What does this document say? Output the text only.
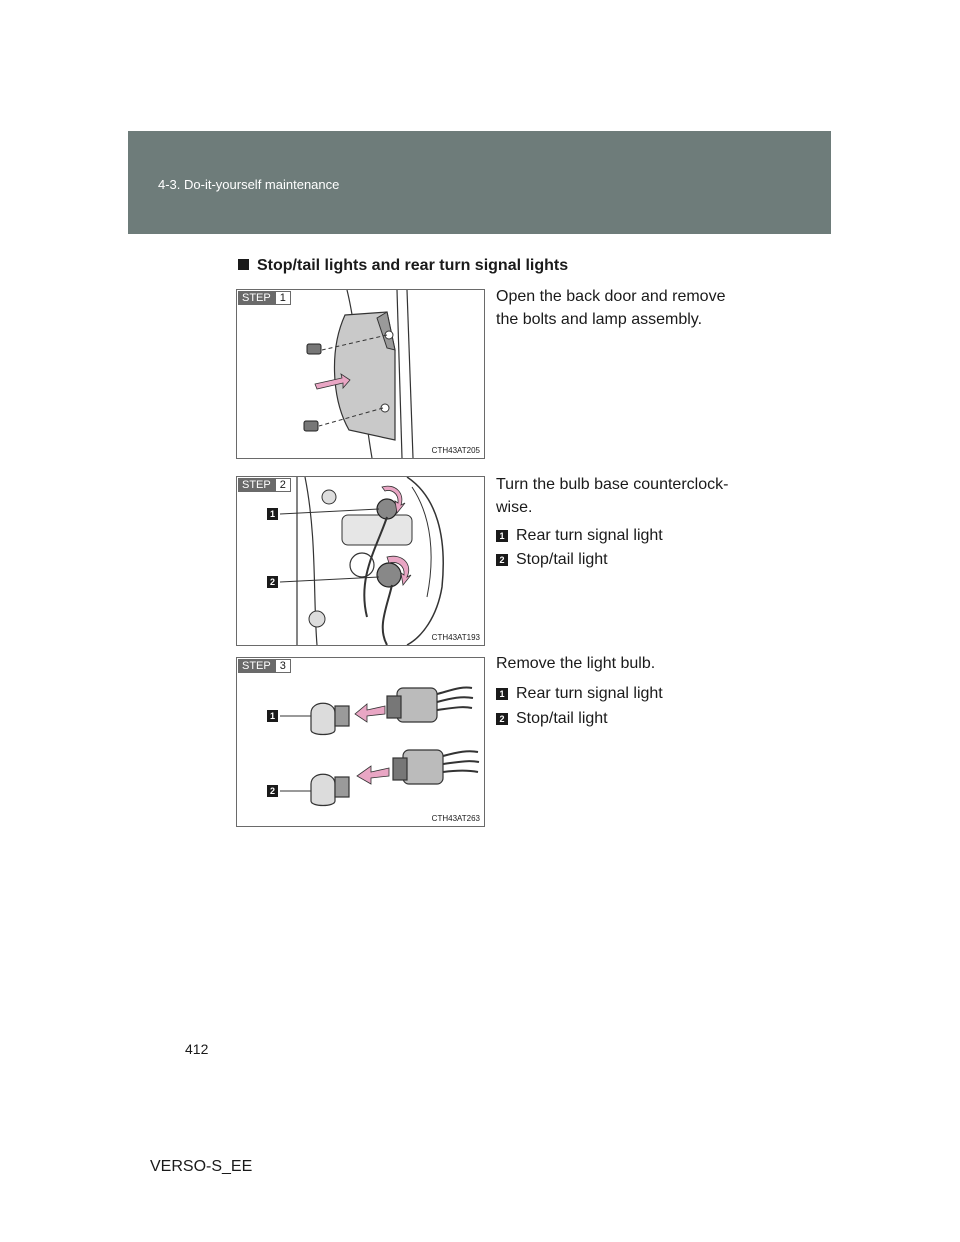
4-3. Do-it-yourself maintenance
Stop/tail lights and rear turn signal lights
STEP 1
CTH43AT205
Open the back door and remove the bolts and lamp assembly.
1
2
STEP 2
CTH43AT193
Turn the bulb base counterclock-wise.
1 Rear turn signal light
2 Stop/tail light
1
2
STEP 3
CTH43AT263
Remove the light bulb.
1 Rear turn signal light
2 Stop/tail light
412
VERSO-S_EE
